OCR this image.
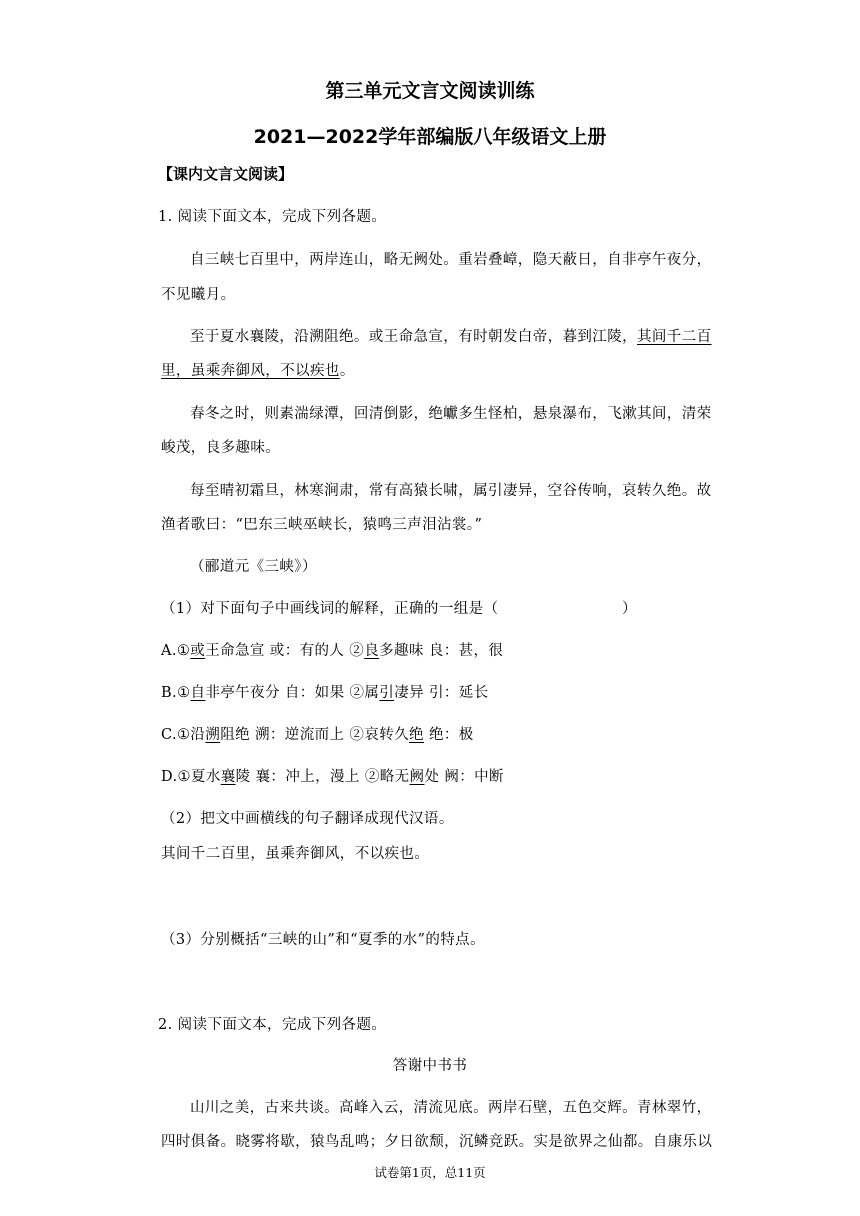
第三单元文言文阅读训练
2021—2022学年部编版八年级语文上册
【课内文言文阅读】
1. 阅读下面文本，完成下列各题。
自三峡七百里中，两岸连山，略无阙处。重岩叠嶂，隐天蔽日，自非亭午夜分，
不见曦月。
至于夏水襄陵，沿溯阻绝。或王命急宣，有时朝发白帝，暮到江陵，其间千二百
里，虽乘奔御风，不以疾也。
春冬之时，则素湍绿潭，回清倒影，绝巘多生怪柏，悬泉瀑布，飞漱其间，清荣
峻茂，良多趣味。
每至晴初霜旦，林寒涧肃，常有高猿长啸，属引凄异，空谷传响，哀转久绝。故
渔者歌曰：“巴东三峡巫峡长，猿鸣三声泪沾裳。”
（郦道元《三峡》）
（1）对下面句子中画线词的解释，正确的一组是（	）
A.①或王命急宣 或：有的人 ②良多趣味 良：甚，很
B.①自非亭午夜分 自：如果 ②属引凄异 引：延长
C.①沿溯阻绝 溯：逆流而上 ②哀转久绝 绝：极
D.①夏水襄陵 襄：冲上，漫上 ②略无阙处 阙：中断
（2）把文中画横线的句子翻译成现代汉语。
其间千二百里，虽乘奔御风，不以疾也。
（3）分别概括“三峡的山”和“夏季的水”的特点。
2. 阅读下面文本，完成下列各题。
答谢中书书
山川之美，古来共谈。高峰入云，清流见底。两岸石壁，五色交辉。青林翠竹，
四时俱备。晓雾将歇，猿鸟乱鸣；夕日欲颓，沉鳞竞跃。实是欲界之仙都。自康乐以
试卷第1页，总11页
